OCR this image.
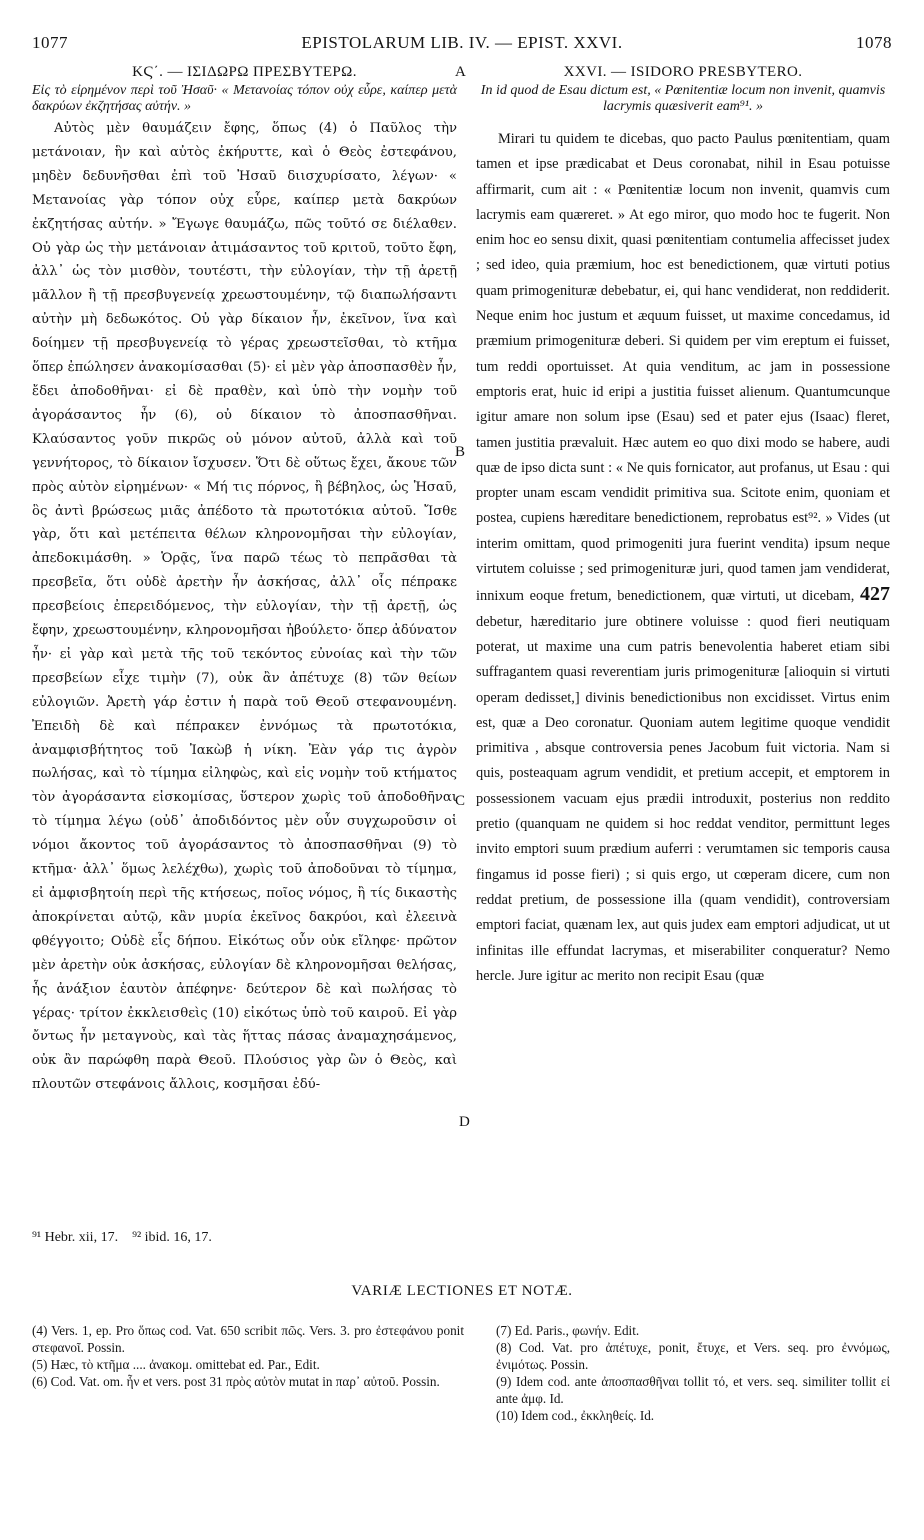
1077	EPISTOLARUM LIB. IV. — EPIST. XXVI.	1078
ΚϚ΄. — ΙΣΙΔΩΡΩ ΠΡΕΣΒΥΤΕΡΩ.

Εἰς τὸ εἰρημένον περὶ τοῦ Ἠσαῦ· « Μετανοίας τόπον οὐχ εὗρε, καίπερ μετὰ δακρύων ἐκζητήσας αὐτήν. »

Αὐτὸς μὲν θαυμάζειν ἔφης, ὅπως (4) ὁ Παῦλος τὴν μετάνοιαν, ἣν καὶ αὐτὸς ἐκήρυττε, καὶ ὁ Θεὸς ἐστεφάνου, μηδὲν δεδυνῆσθαι ἐπὶ τοῦ Ἠσαῦ διισχυρίσατο, λέγων· « Μετανοίας γὰρ τόπον οὐχ εὗρε, καίπερ μετὰ δακρύων ἐκζητήσας αὐτήν. » Ἔγωγε θαυμάζω, πῶς τοῦτό σε διέλαθεν. Οὐ γὰρ ὡς τὴν μετάνοιαν ἀτιμάσαντος τοῦ κριτοῦ, τοῦτο ἔφη, ἀλλ᾽ ὡς τὸν μισθὸν, τουτέστι, τὴν εὐλογίαν, τὴν τῇ ἀρετῇ μᾶλλον ἢ τῇ πρεσβυγενείᾳ χρεωστουμένην, τῷ διαπωλήσαντι αὐτὴν μὴ δεδωκότος. Οὐ γὰρ δίκαιον ἦν, ἐκεῖνον, ἵνα καὶ δοίημεν τῇ πρεσβυγενείᾳ τὸ γέρας χρεωστεῖσθαι, τὸ κτῆμα ὅπερ ἐπώλησεν ἀνακομίσασθαι (5)· εἰ μὲν γὰρ ἀποσπασθὲν ἦν, ἔδει ἀποδοθῆναι· εἰ δὲ πραθὲν, καὶ ὑπὸ τὴν νομὴν τοῦ ἀγοράσαντος ἦν (6), οὐ δίκαιον τὸ ἀποσπασθῆναι. Κλαύσαντος γοῦν πικρῶς οὐ μόνον αὐτοῦ, ἀλλὰ καὶ τοῦ γεννήτορος, τὸ δίκαιον ἴσχυσεν. Ὅτι δὲ οὕτως ἔχει, ἄκουε τῶν πρὸς αὐτὸν εἰρημένων· « Μή τις πόρνος, ἢ βέβηλος, ὡς Ἠσαῦ, ὃς ἀντὶ βρώσεως μιᾶς ἀπέδοτο τὰ πρωτοτόκια αὐτοῦ. Ἴσθε γὰρ, ὅτι καὶ μετέπειτα θέλων κληρονομῆσαι τὴν εὐλογίαν, ἀπεδοκιμάσθη. » Ὁρᾷς, ἵνα παρῶ τέως τὸ πεπρᾶσθαι τὰ πρεσβεῖα, ὅτι οὐδὲ ἀρετὴν ἦν ἀσκήσας, ἀλλ᾽ οἷς πέπρακε πρεσβείοις ἐπερειδόμενος, τὴν εὐλογίαν, τὴν τῇ ἀρετῇ, ὡς ἔφην, χρεωστουμένην, κληρονομῆσαι ἠβούλετο· ὅπερ ἀδύνατον ἦν· εἰ γὰρ καὶ μετὰ τῆς τοῦ τεκόντος εὐνοίας καὶ τὴν τῶν πρεσβείων εἶχε τιμὴν (7), οὐκ ἂν ἀπέτυχε (8) τῶν θείων εὐλογιῶν. Ἀρετὴ γάρ ἐστιν ἡ παρὰ τοῦ Θεοῦ στεφανουμένη. Ἐπειδὴ δὲ καὶ πέπρακεν ἐννόμως τὰ πρωτοτόκια, ἀναμφισβήτητος τοῦ Ἰακὼβ ἡ νίκη. Ἐὰν γάρ τις ἀγρὸν πωλήσας, καὶ τὸ τίμημα εἰληφὼς, καὶ εἰς νομὴν τοῦ κτήματος τὸν ἀγοράσαντα εἰσκομίσας, ὕστερον χωρὶς τοῦ ἀποδοθῆναι τὸ τίμημα λέγω (οὐδ᾽ ἀποδιδόντος μὲν οὖν συγχωροῦσιν οἱ νόμοι ἄκοντος τοῦ ἀγοράσαντος τὸ ἀποσπασθῆναι (9) τὸ κτῆμα· ἀλλ᾽ ὅμως λελέχθω), χωρὶς τοῦ ἀποδοῦναι τὸ τίμημα, εἰ ἀμφισβητοίη περὶ τῆς κτήσεως, ποῖος νόμος, ἢ τίς δικαστὴς ἀποκρίνεται αὐτῷ, κἂν μυρία ἐκεῖνος δακρύοι, καὶ ἐλεεινὰ φθέγγοιτο; Οὐδὲ εἷς δήπου. Εἰκότως οὖν οὐκ εἴληφε· πρῶτον μὲν ἀρετὴν οὐκ ἀσκήσας, εὐλογίαν δὲ κληρονομῆσαι θελήσας, ἧς ἀνάξιον ἑαυτὸν ἀπέφηνε· δεύτερον δὲ καὶ πωλήσας τὸ γέρας· τρίτον ἐκκλεισθεὶς (10) εἰκότως ὑπὸ τοῦ καιροῦ. Εἰ γὰρ ὄντως ἦν μεταγνοὺς, καὶ τὰς ἥττας πάσας ἀναμαχησάμενος, οὐκ ἂν παρώφθη παρὰ Θεοῦ. Πλούσιος γὰρ ὢν ὁ Θεὸς, καὶ πλουτῶν στεφάνοις ἄλλοις, κοσμῆσαι ἐδύ-

A
B
C
D
XXVI. — ISIDORO PRESBYTERO.

In id quod de Esau dictum est, « Pœnitentiæ locum non invenit, quamvis lacrymis quæsiverit eam⁹¹. »

Mirari tu quidem te dicebas, quo pacto Paulus pœnitentiam, quam tamen et ipse prædicabat et Deus coronabat, nihil in Esau potuisse affirmarit, cum ait : « Pœnitentiæ locum non invenit, quamvis cum lacrymis eam quæreret. » At ego miror, quo modo hoc te fugerit. Non enim hoc eo sensu dixit, quasi pœnitentiam contumelia affecisset judex ; sed ideo, quia præmium, hoc est benedictionem, quæ virtuti potius quam primogenituræ debebatur, ei, qui hanc vendiderat, non reddiderit. Neque enim hoc justum et æquum fuisset, ut maxime concedamus, id præmium primogenituræ deberi. Si quidem per vim ereptum ei fuisset, tum reddi oportuisset. At quia venditum, ac jam in possessione emptoris erat, huic id eripi a justitia fuisset alienum. Quantumcunque igitur amare non solum ipse (Esau) sed et pater ejus (Isaac) fleret, tamen justitia prævaluit. Hæc autem eo quo dixi modo se habere, audi quæ de ipso dicta sunt : « Ne quis fornicator, aut profanus, ut Esau : qui propter unam escam vendidit primitiva sua. Scitote enim, quoniam et postea, cupiens hæreditare benedictionem, reprobatus est⁹². » Vides (ut interim omittam, quod primogeniti jura fuerint vendita) ipsum neque virtutem coluisse ; sed primogenituræ juri, quod tamen jam vendiderat, innixum eoque fretum, benedictionem, quæ virtuti, ut dicebam, 427 debetur, hæreditario jure obtinere voluisse : quod fieri neutiquam poterat, ut maxime una cum patris benevolentia haberet etiam sibi suffragantem quasi reverentiam juris primogenituræ [alioquin si virtuti operam dedisset,] divinis benedictionibus non excidisset. Virtus enim est, quæ a Deo coronatur. Quoniam autem legitime quoque vendidit primitiva , absque controversia penes Jacobum fuit victoria. Nam si quis, posteaquam agrum vendidit, et pretium accepit, et emptorem in possessionem vacuam ejus prædii introduxit, posterius non reddito pretio (quanquam ne quidem si hoc reddat venditor, permittunt leges invito emptori suum prædium auferri : verumtamen sic temporis causa fingamus id posse fieri) ; si quis ergo, ut cœperam dicere, cum non reddat pretium, de possessione illa (quam vendidit), controversiam emptori faciat, quænam lex, aut quis judex eam emptori adjudicat, ut ut infinitas ille effundat lacrymas, et miserabiliter conqueratur? Nemo hercle. Jure igitur ac merito non recipit Esau (quæ

⁹¹ Hebr. xii, 17.    ⁹² ibid. 16, 17.
VARIÆ LECTIONES ET NOTÆ.

(4) Vers. 1, ep. Pro ὅπως cod. Vat. 650 scribit πῶς. Vers. 3. pro ἐστεφάνου ponit στεφανοῖ. Possin.

(5) Hæc, τὸ κτῆμα .... ἀνακομ. omittebat ed. Par., Edit.

(6) Cod. Vat. om. ἦν et vers. post 31 πρὸς αὐτὸν mutat in παρ᾽ αὐτοῦ. Possin.

(7) Ed. Paris., φωνήν. Edit.

(8) Cod. Vat. pro ἀπέτυχε, ponit, ἔτυχε, et Vers. seq. pro ἐννόμως, ἐνιμότως. Possin.

(9) Idem cod. ante ἀποσπασθῆναι tollit τό, et vers. seq. similiter tollit εἰ ante ἀμφ. Id.

(10) Idem cod., ἐκκληθείς. Id.
